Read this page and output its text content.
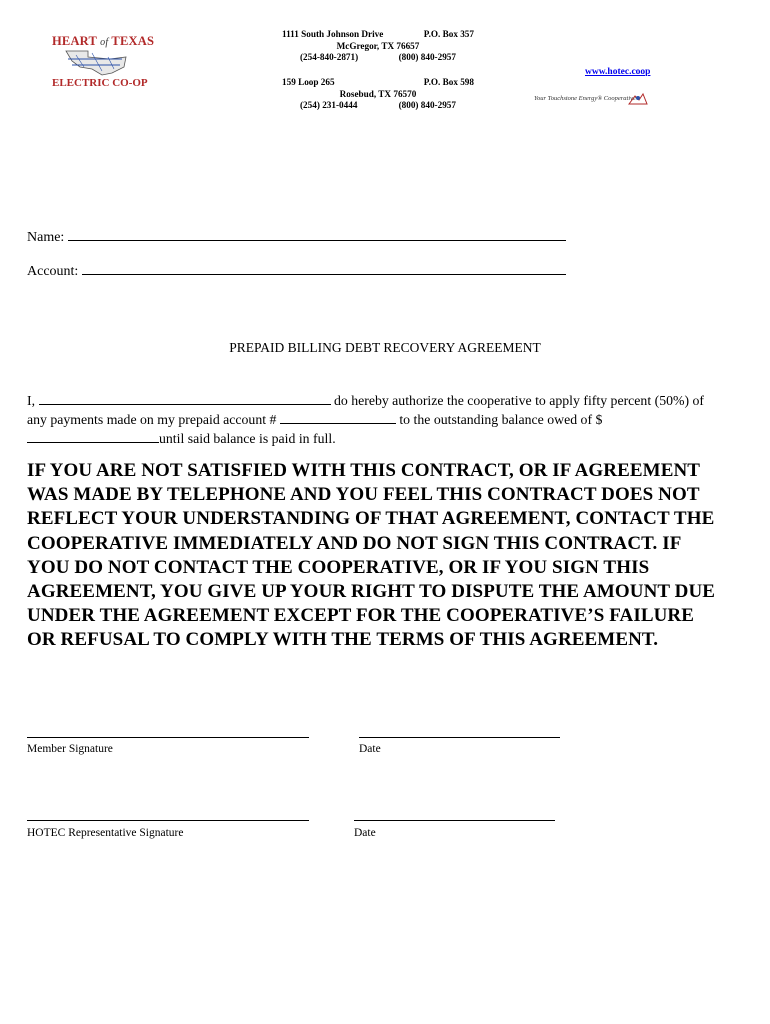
HEART of TEXAS
ELECTRIC CO-OP
1111 South Johnson Drive	P.O. Box 357
McGregor, TX 76657
(254-840-2871)	(800) 840-2957
159 Loop 265	P.O. Box 598
Rosebud, TX 76570
(254) 231-0444	(800) 840-2957
www.hotec.coop
Your Touchstone Energy® Cooperative
Name:
Account:
PREPAID BILLING DEBT RECOVERY AGREEMENT
I,	do hereby authorize the cooperative to apply fifty percent (50%) of any payments made on my prepaid account #	to the outstanding balance owed of $
until said balance is paid in full.
IF YOU ARE NOT SATISFIED WITH THIS CONTRACT, OR IF AGREEMENT WAS MADE BY TELEPHONE AND YOU FEEL THIS CONTRACT DOES NOT REFLECT YOUR UNDERSTANDING OF THAT AGREEMENT, CONTACT THE COOPERATIVE IMMEDIATELY AND DO NOT SIGN THIS CONTRACT. IF YOU DO NOT CONTACT THE COOPERATIVE, OR IF YOU SIGN THIS AGREEMENT, YOU GIVE UP YOUR RIGHT TO DISPUTE THE AMOUNT DUE UNDER THE AGREEMENT EXCEPT FOR THE COOPERATIVE’S FAILURE OR REFUSAL TO COMPLY WITH THE TERMS OF THIS AGREEMENT.
Member Signature	Date
HOTEC Representative Signature	Date
